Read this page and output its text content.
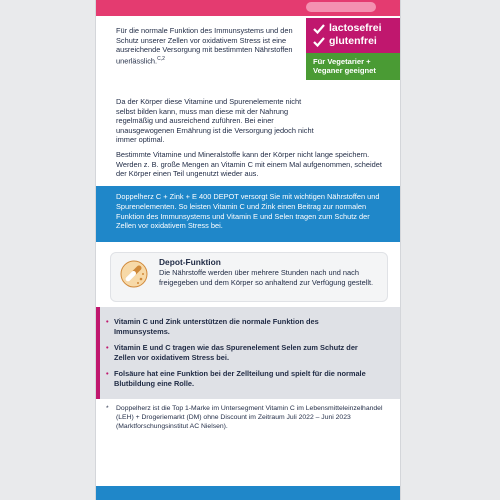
Für die normale Funktion des Immunsystems und den Schutz unserer Zellen vor oxidativem Stress ist eine ausreichende Versorgung mit bestimmten Nährstoffen unerlässlich.$^{C,2}$
Da der Körper diese Vitamine und Spurenelemente nicht selbst bilden kann, muss man diese mit der Nahrung regelmäßig und ausreichend zuführen. Bei einer unausgewogenen Ernährung ist die Versorgung jedoch nicht immer optimal.
Bestimmte Vitamine und Mineralstoffe kann der Körper nicht lange speichern. Werden z. B. große Mengen an Vitamin C mit einem Mal aufgenommen, scheidet der Körper einen Teil ungenutzt wieder aus.
lactosefrei
glutenfrei
Für Vegetarier + Veganer geeignet
Doppelherz C + Zink + E 400 DEPOT versorgt Sie mit wichtigen Nährstoffen und Spurenelementen. So leisten Vitamin C und Zink einen Beitrag zur normalen Funktion des Immunsystems und Vitamin E und Selen tragen zum Schutz der Zellen vor oxidativem Stress bei.
Depot-Funktion
Die Nährstoffe werden über mehrere Stunden nach und nach freigegeben und dem Körper so anhaltend zur Verfügung gestellt.
• Vitamin C und Zink unterstützen die normale Funktion des Immunsystems.
• Vitamin E und C tragen wie das Spurenelement Selen zum Schutz der Zellen vor oxidativem Stress bei.
• Folsäure hat eine Funktion bei der Zellteilung und spielt für die normale Blutbildung eine Rolle.
* Doppelherz ist die Top 1-Marke im Untersegment Vitamin C im Lebensmitteleinzelhandel (LEH) + Drogeriemarkt (DM) ohne Discount im Zeitraum Juli 2022 – Juni 2023 (Marktforschungsinstitut AC Nielsen).
